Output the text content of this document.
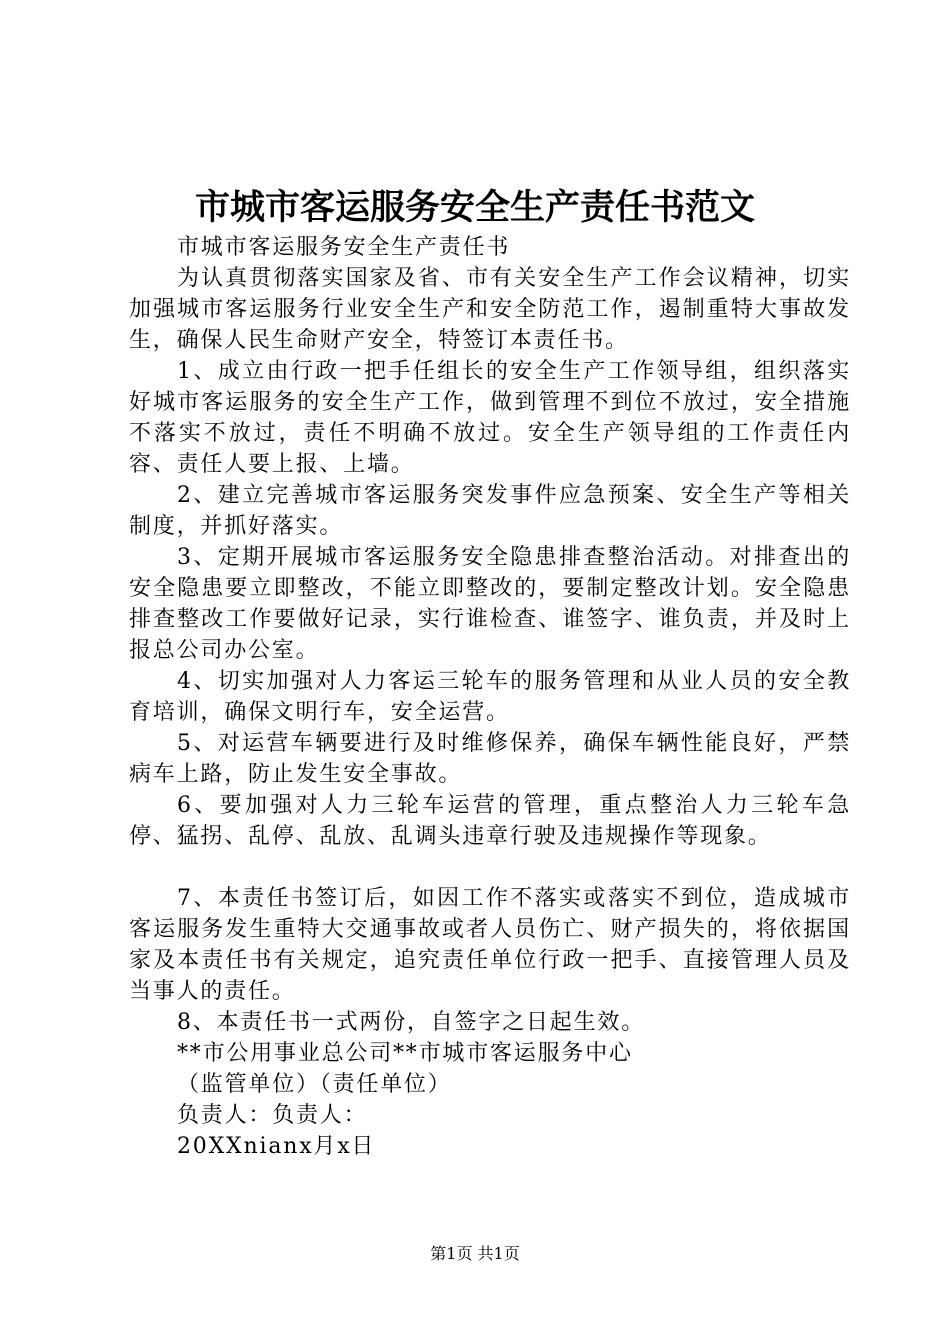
市城市客运服务安全生产责任书范文

市城市客运服务安全生产责任书

为认真贯彻落实国家及省、市有关安全生产工作会议精神，切实加强城市客运服务行业安全生产和安全防范工作，遏制重特大事故发生，确保人民生命财产安全，特签订本责任书。

1、成立由行政一把手任组长的安全生产工作领导组，组织落实好城市客运服务的安全生产工作，做到管理不到位不放过，安全措施不落实不放过，责任不明确不放过。安全生产领导组的工作责任内容、责任人要上报、上墙。

2、建立完善城市客运服务突发事件应急预案、安全生产等相关制度，并抓好落实。

3、定期开展城市客运服务安全隐患排查整治活动。对排查出的安全隐患要立即整改，不能立即整改的，要制定整改计划。安全隐患排查整改工作要做好记录，实行谁检查、谁签字、谁负责，并及时上报总公司办公室。

4、切实加强对人力客运三轮车的服务管理和从业人员的安全教育培训，确保文明行车，安全运营。

5、对运营车辆要进行及时维修保养，确保车辆性能良好，严禁病车上路，防止发生安全事故。

6、要加强对人力三轮车运营的管理，重点整治人力三轮车急停、猛拐、乱停、乱放、乱调头违章行驶及违规操作等现象。

7、本责任书签订后，如因工作不落实或落实不到位，造成城市客运服务发生重特大交通事故或者人员伤亡、财产损失的，将依据国家及本责任书有关规定，追究责任单位行政一把手、直接管理人员及当事人的责任。

8、本责任书一式两份，自签字之日起生效。

**市公用事业总公司**市城市客运服务中心

（监管单位）（责任单位）

负责人：负责人：

20XXnianx月x日

第1页 共1页
